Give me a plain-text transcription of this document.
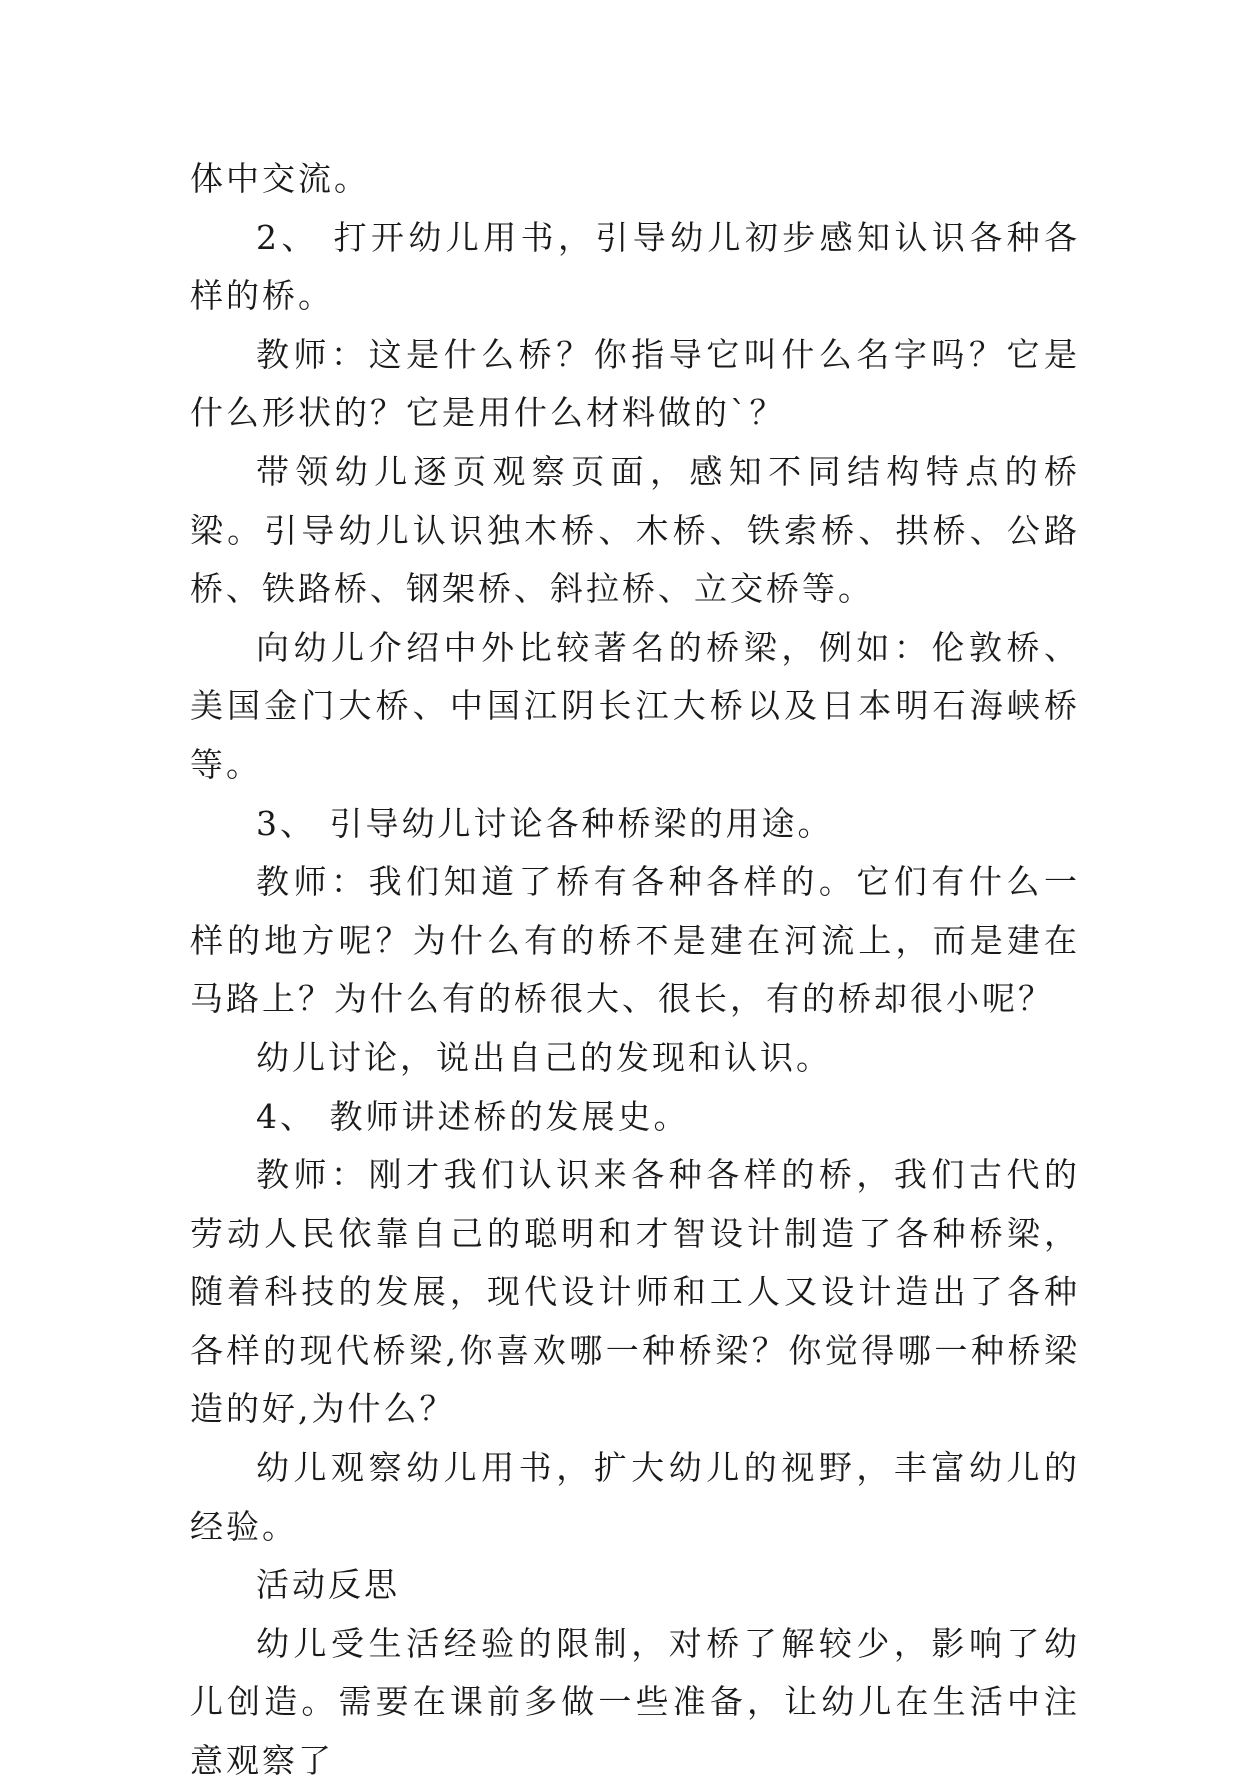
体中交流。

2、 打开幼儿用书，引导幼儿初步感知认识各种各样的桥。

教师：这是什么桥？你指导它叫什么名字吗？它是什么形状的？它是用什么材料做的`？

带领幼儿逐页观察页面，感知不同结构特点的桥梁。引导幼儿认识独木桥、木桥、铁索桥、拱桥、公路桥、铁路桥、钢架桥、斜拉桥、立交桥等。

向幼儿介绍中外比较著名的桥梁，例如：伦敦桥、美国金门大桥、中国江阴长江大桥以及日本明石海峡桥等。

3、 引导幼儿讨论各种桥梁的用途。

教师：我们知道了桥有各种各样的。它们有什么一样的地方呢？为什么有的桥不是建在河流上，而是建在马路上？为什么有的桥很大、很长，有的桥却很小呢？

幼儿讨论，说出自己的发现和认识。

4、 教师讲述桥的发展史。

教师：刚才我们认识来各种各样的桥，我们古代的劳动人民依靠自己的聪明和才智设计制造了各种桥梁，随着科技的发展，现代设计师和工人又设计造出了各种各样的现代桥梁,你喜欢哪一种桥梁？你觉得哪一种桥梁造的好,为什么？

幼儿观察幼儿用书，扩大幼儿的视野，丰富幼儿的经验。

活动反思

幼儿受生活经验的限制，对桥了解较少，影响了幼儿创造。需要在课前多做一些准备，让幼儿在生活中注意观察了
